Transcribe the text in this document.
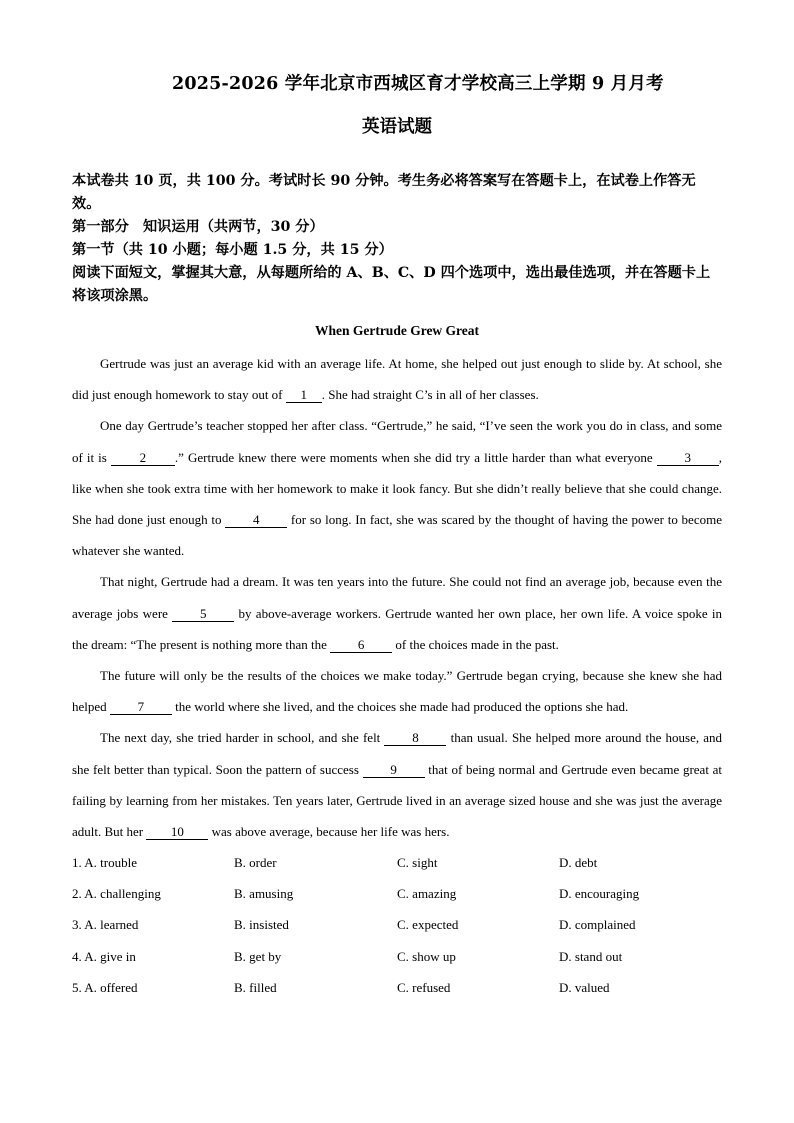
2025-2026 学年北京市西城区育才学校高三上学期 9 月月考
英语试题

本试卷共 10 页，共 100 分。考试时长 90 分钟。考生务必将答案写在答题卡上，在试卷上作答无效。

第一部分　知识运用（共两节，30 分）

第一节（共 10 小题；每小题 1.5 分，共 15 分）

阅读下面短文，掌握其大意，从每题所给的 A、B、C、D 四个选项中，选出最佳选项，并在答题卡上将该项涂黑。

When Gertrude Grew Great

Gertrude was just an average kid with an average life. At home, she helped out just enough to slide by. At school, she did just enough homework to stay out of 1 . She had straight C’s in all of her classes.

One day Gertrude’s teacher stopped her after class. “Gertrude,” he said, “I’ve seen the work you do in class, and some of it is 2 .” Gertrude knew there were moments when she did try a little harder than what everyone 3 , like when she took extra time with her homework to make it look fancy. But she didn’t really believe that she could change. She had done just enough to 4 for so long. In fact, she was scared by the thought of having the power to become whatever she wanted.

That night, Gertrude had a dream. It was ten years into the future. She could not find an average job, because even the average jobs were 5 by above-average workers. Gertrude wanted her own place, her own life. A voice spoke in the dream: “The present is nothing more than the 6 of the choices made in the past.

The future will only be the results of the choices we make today.” Gertrude began crying, because she knew she had helped 7 the world where she lived, and the choices she made had produced the options she had.

The next day, she tried harder in school, and she felt 8 than usual. She helped more around the house, and she felt better than typical. Soon the pattern of success 9 that of being normal and Gertrude even became great at failing by learning from her mistakes. Ten years later, Gertrude lived in an average sized house and she was just the average adult. But her 10 was above average, because her life was hers.

1. A. trouble	B. order	C. sight	D. debt
2. A. challenging	B. amusing	C. amazing	D. encouraging
3. A. learned	B. insisted	C. expected	D. complained
4. A. give in	B. get by	C. show up	D. stand out
5. A. offered	B. filled	C. refused	D. valued
